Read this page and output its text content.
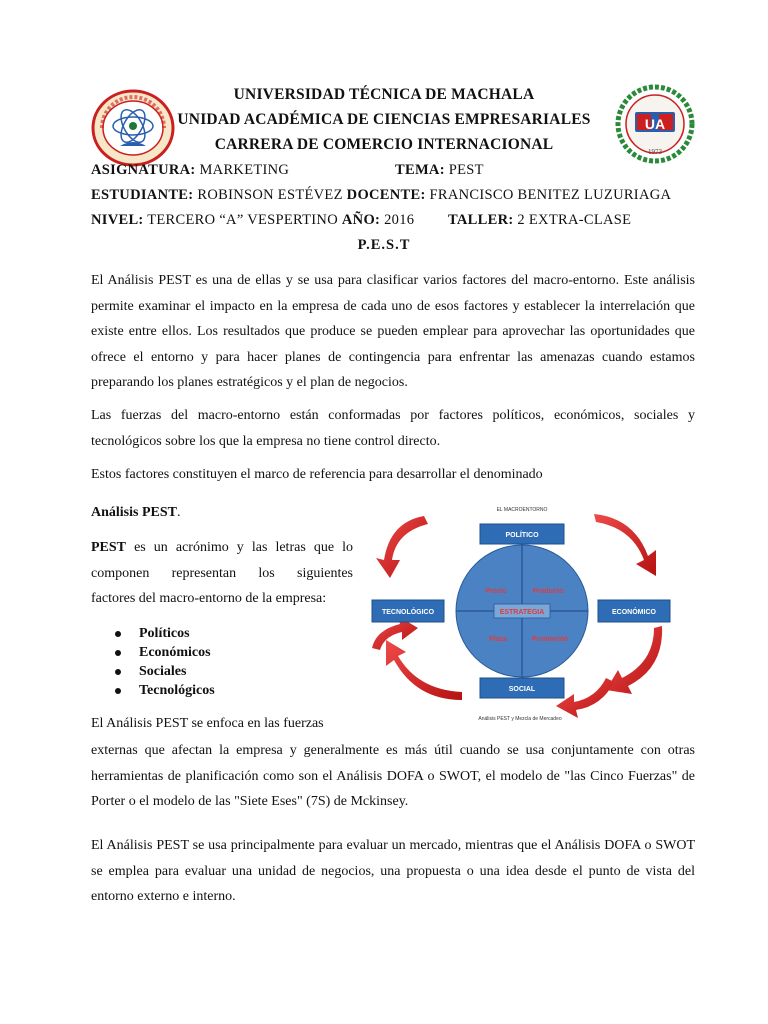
UA
1973
UNIVERSIDAD TÉCNICA DE MACHALA
UNIDAD ACADÉMICA DE CIENCIAS EMPRESARIALES
CARRERA DE COMERCIO INTERNACIONAL
ASIGNATURA: MARKETING	TEMA: PEST
ESTUDIANTE: ROBINSON ESTÉVEZ DOCENTE: FRANCISCO BENITEZ LUZURIAGA
NIVEL: TERCERO “A” VESPERTINO AÑO: 2016 TALLER: 2 EXTRA-CLASE
P.E.S.T

El Análisis PEST es una de ellas y se usa para clasificar varios factores del macro-entorno. Este análisis permite examinar el impacto en la empresa de cada uno de esos factores y establecer la interrelación que existe entre ellos. Los resultados que produce se pueden emplear para aprovechar las oportunidades que ofrece el entorno y para hacer planes de contingencia para enfrentar las amenazas cuando estamos preparando los planes estratégicos y el plan de negocios.

Las fuerzas del macro-entorno están conformadas por factores políticos, económicos, sociales y tecnológicos sobre los que la empresa no tiene control directo.

Estos factores constituyen el marco de referencia para desarrollar el denominado

Análisis PEST.
PEST es un acrónimo y las letras que lo
componen representan los siguientes
factores del macro-entorno de la empresa:
Políticos
Económicos
Sociales
Tecnológicos
El Análisis PEST se enfoca en las fuerzas

externas que afectan la empresa y generalmente es más útil cuando se usa conjuntamente con otras herramientas de planificación como son el Análisis DOFA o SWOT, el modelo de "las Cinco Fuerzas" de Porter o el modelo de las "Siete Eses" (7S) de Mckinsey.

El Análisis PEST se usa principalmente para evaluar un mercado, mientras que el Análisis DOFA o SWOT se emplea para evaluar una unidad de negocios, una propuesta o una idea desde el punto de vista del entorno externo e interno.

EL MACROENTORNO
ESTRATEGIA
Precio	Producto
Plaza	Promoción
POLÍTICO
ECONÓMICO
SOCIAL
TECNOLÓGICO
Análisis PEST y Mezcla de Mercadeo
